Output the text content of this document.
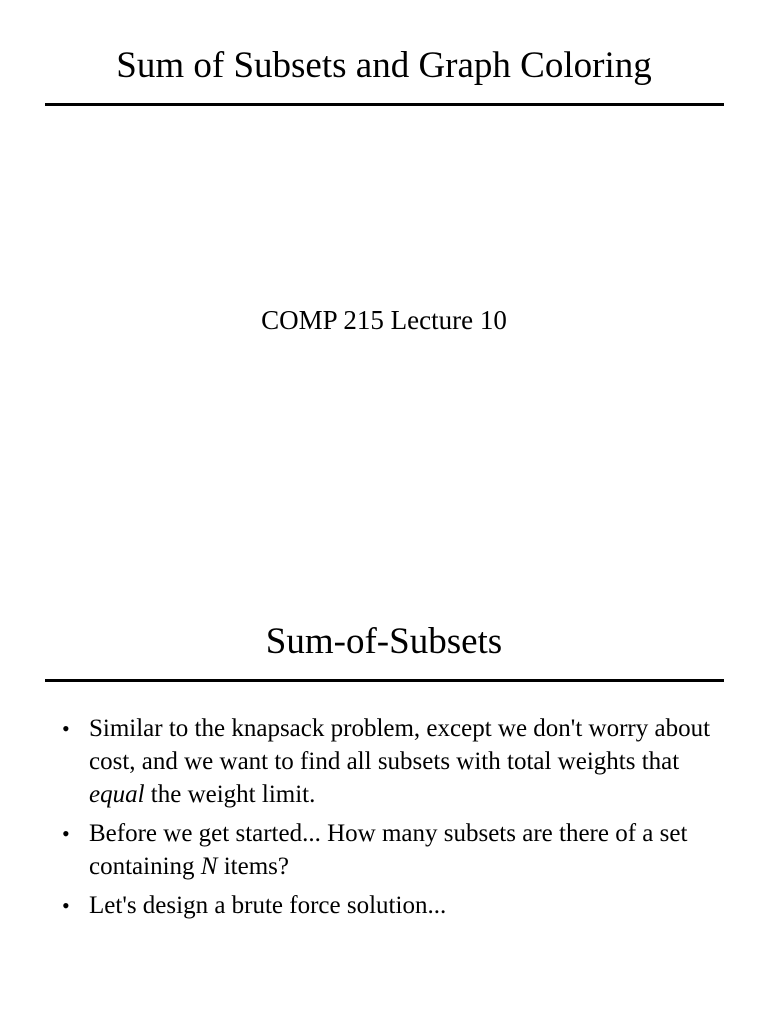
Sum of Subsets and Graph Coloring
COMP 215 Lecture 10
Sum-of-Subsets
• Similar to the knapsack problem, except we don't worry about cost, and we want to find all subsets with total weights that equal the weight limit.
• Before we get started... How many subsets are there of a set containing N items?
• Let's design a brute force solution...
